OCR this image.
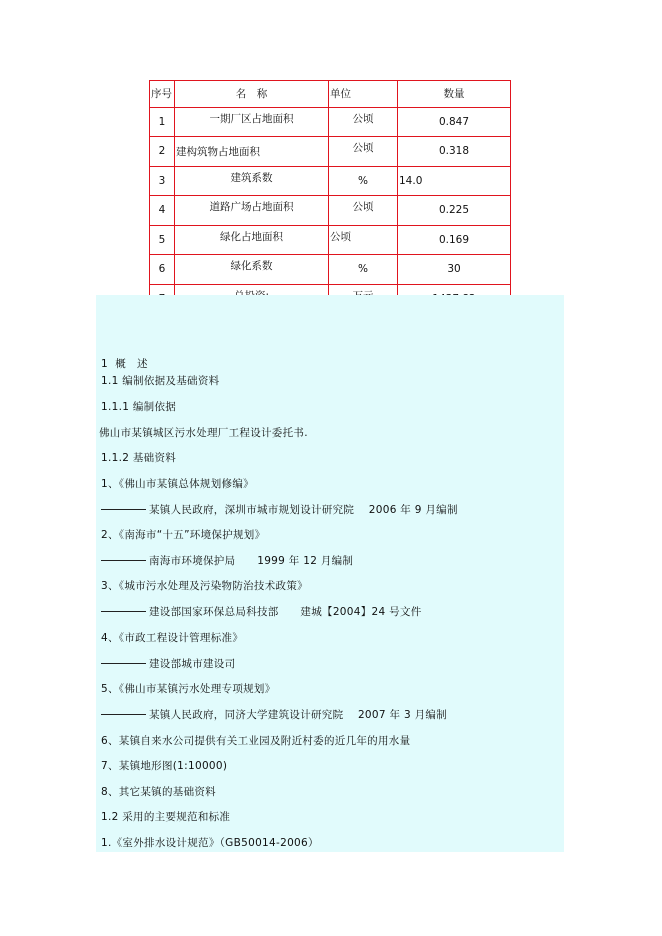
序号	名　称	单位	数量
1	一期厂区占地面积	公顷	0.847
2	建构筑物占地面积	公顷	0.318
3	建筑系数	%	14.0
4	道路广场占地面积	公顷	0.225
5	绿化占地面积	公顷	0.169
6	绿化系数	%	30

1  概   述
1.1 编制依据及基础资料
1.1.1 编制依据
佛山市某镇城区污水处理厂工程设计委托书.
1.1.2 基础资料
1、《佛山市某镇总体规划修编》
某镇人民政府，深圳市城市规划设计研究院    2006 年 9 月编制
2、《南海市“十五”环境保护规划》
南海市环境保护局      1999 年 12 月编制
3、《城市污水处理及污染物防治技术政策》
建设部国家环保总局科技部      建城【2004】24 号文件
4、《市政工程设计管理标准》
建设部城市建设司
5、《佛山市某镇污水处理专项规划》
某镇人民政府，同济大学建筑设计研究院    2007 年 3 月编制
6、某镇自来水公司提供有关工业园及附近村委的近几年的用水量
7、某镇地形图(1:10000)
8、其它某镇的基础资料
1.2 采用的主要规范和标准
1.《室外排水设计规范》（GB50014-2006）
